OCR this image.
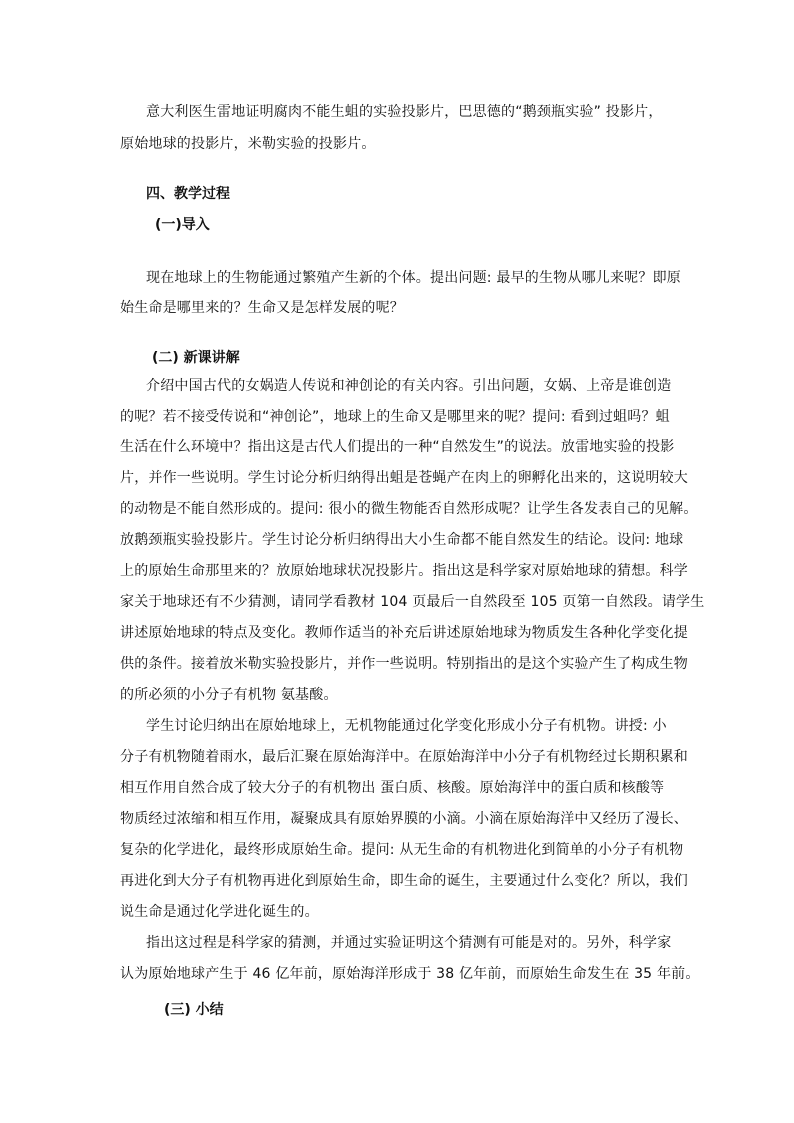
意大利医生雷地证明腐肉不能生蛆的实验投影片，巴思德的“鹅颈瓶实验” 投影片，
原始地球的投影片，米勒实验的投影片。
四、教学过程
(一)导入
现在地球上的生物能通过繁殖产生新的个体。提出问题: 最早的生物从哪儿来呢？即原
始生命是哪里来的？生命又是怎样发展的呢？
(二) 新课讲解
介绍中国古代的女娲造人传说和神创论的有关内容。引出问题，女娲、上帝是谁创造
的呢？若不接受传说和“神创论”，地球上的生命又是哪里来的呢？提问: 看到过蛆吗？蛆
生活在什么环境中？指出这是古代人们提出的一种“自然发生”的说法。放雷地实验的投影
片，并作一些说明。学生讨论分析归纳得出蛆是苍蝇产在肉上的卵孵化出来的，这说明较大
的动物是不能自然形成的。提问: 很小的微生物能否自然形成呢？让学生各发表自己的见解。
放鹅颈瓶实验投影片。学生讨论分析归纳得出大小生命都不能自然发生的结论。设问: 地球
上的原始生命那里来的？放原始地球状况投影片。指出这是科学家对原始地球的猜想。科学
家关于地球还有不少猜测，请同学看教材 104 页最后一自然段至 105 页第一自然段。请学生
讲述原始地球的特点及变化。教师作适当的补充后讲述原始地球为物质发生各种化学变化提
供的条件。接着放米勒实验投影片，并作一些说明。特别指出的是这个实验产生了构成生物
的所必须的小分子有机物 氨基酸。
学生讨论归纳出在原始地球上，无机物能通过化学变化形成小分子有机物。讲授: 小
分子有机物随着雨水，最后汇聚在原始海洋中。在原始海洋中小分子有机物经过长期积累和
相互作用自然合成了较大分子的有机物出 蛋白质、核酸。原始海洋中的蛋白质和核酸等
物质经过浓缩和相互作用，凝聚成具有原始界膜的小滴。小滴在原始海洋中又经历了漫长、
复杂的化学进化，最终形成原始生命。提问: 从无生命的有机物进化到简单的小分子有机物
再进化到大分子有机物再进化到原始生命，即生命的诞生，主要通过什么变化？所以，我们
说生命是通过化学进化诞生的。
指出这过程是科学家的猜测，并通过实验证明这个猜测有可能是对的。另外，科学家
认为原始地球产生于 46 亿年前，原始海洋形成于 38 亿年前，而原始生命发生在 35 年前。
(三) 小结
